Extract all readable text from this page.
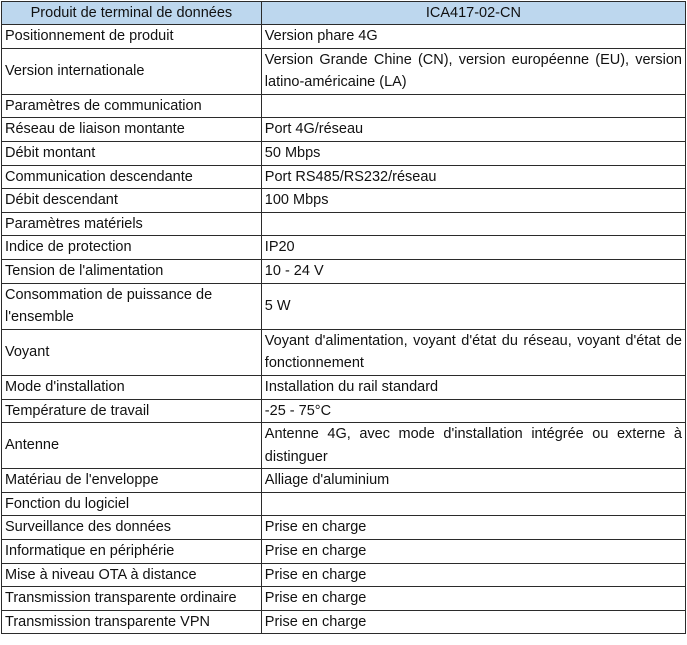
Produit de terminal de données	ICA417-02-CN
Positionnement de produit	Version phare 4G
Version internationale	Version Grande Chine (CN), version européenne (EU), version latino-américaine (LA)
Paramètres de communication	
Réseau de liaison montante	Port 4G/réseau
Débit montant	50 Mbps
Communication descendante	Port RS485/RS232/réseau
Débit descendant	100 Mbps
Paramètres matériels	
Indice de protection	IP20
Tension de l'alimentation	10 - 24 V
Consommation de puissance de l'ensemble	5 W
Voyant	Voyant d'alimentation, voyant d'état du réseau, voyant d'état de fonctionnement
Mode d'installation	Installation du rail standard
Température de travail	-25 - 75°C
Antenne	Antenne 4G, avec mode d'installation intégrée ou externe à distinguer
Matériau de l'enveloppe	Alliage d'aluminium
Fonction du logiciel	
Surveillance des données	Prise en charge
Informatique en périphérie	Prise en charge
Mise à niveau OTA à distance	Prise en charge
Transmission transparente ordinaire	Prise en charge
Transmission transparente VPN	Prise en charge
